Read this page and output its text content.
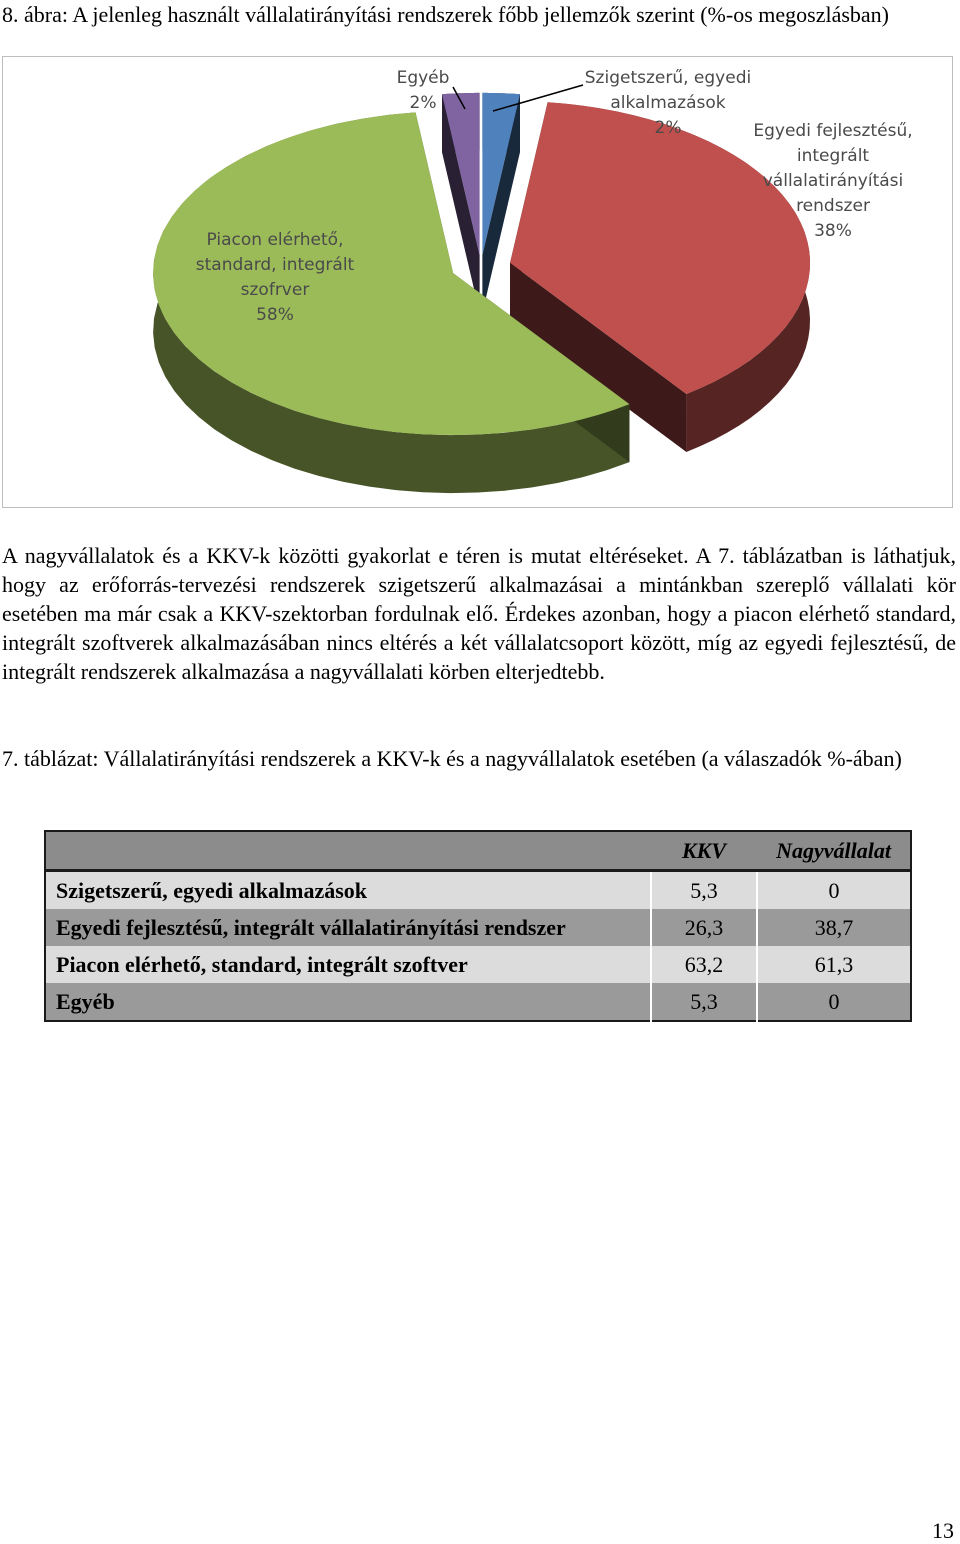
8. ábra: A jelenleg használt vállalatirányítási rendszerek főbb jellemzők szerint (%-os megoszlásban)
Egyéb
2%
Szigetszerű, egyedi
alkalmazások
2%	Egyedi fejlesztésű,
integrált
vállalatirányítási
rendszer
38%
Piacon elérhető,
standard, integrált
szofrver
58%
A nagyvállalatok és a KKV-k közötti gyakorlat e téren is mutat eltéréseket. A 7. táblázatban is láthatjuk, hogy az erőforrás-tervezési rendszerek szigetszerű alkalmazásai a mintánkban szereplő vállalati kör esetében ma már csak a KKV-szektorban fordulnak elő. Érdekes azonban, hogy a piacon elérhető standard, integrált szoftverek alkalmazásában nincs eltérés a két vállalatcsoport között, míg az egyedi fejlesztésű, de integrált rendszerek alkalmazása a nagyvállalati körben elterjedtebb.
7. táblázat: Vállalatirányítási rendszerek a KKV-k és a nagyvállalatok esetében (a válaszadók %-ában)
	KKV	Nagyvállalat
Szigetszerű, egyedi alkalmazások	5,3	0
Egyedi fejlesztésű, integrált vállalatirányítási rendszer	26,3	38,7
Piacon elérhető, standard, integrált szoftver	63,2	61,3
Egyéb	5,3	0
13
